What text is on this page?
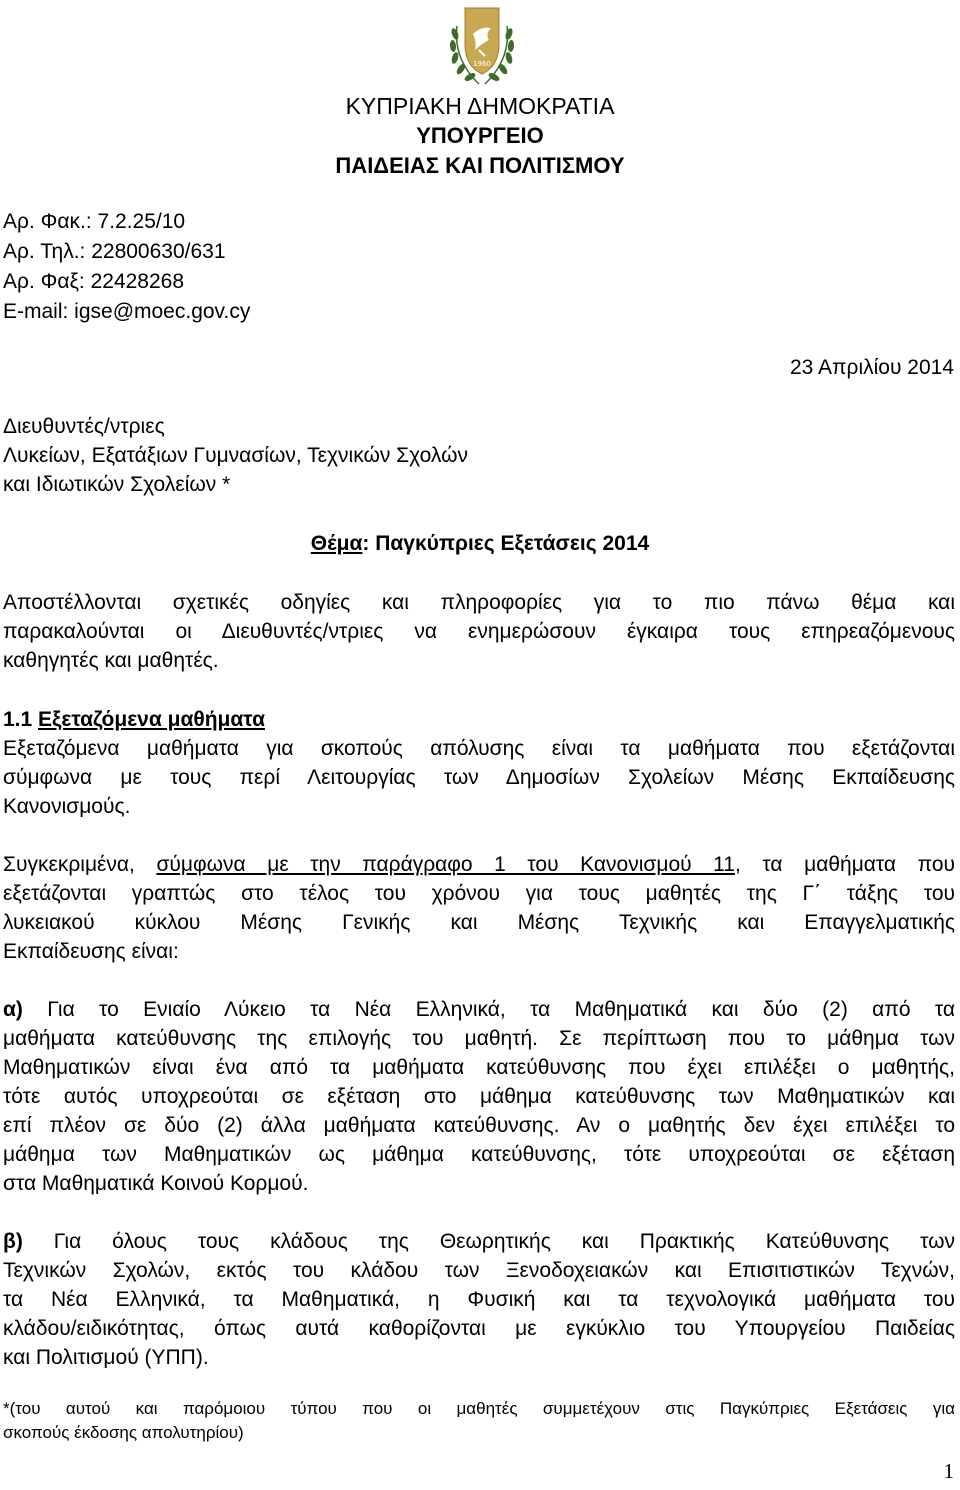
1960
ΚΥΠΡΙΑΚΗ ΔΗΜΟΚΡΑΤΙΑ
ΥΠΟΥΡΓΕΙΟ
ΠΑΙΔΕΙΑΣ ΚΑΙ ΠΟΛΙΤΙΣΜΟΥ
Αρ. Φακ.: 7.2.25/10
Αρ. Τηλ.: 22800630/631
Αρ. Φαξ: 22428268
E-mail: igse@moec.gov.cy
23 Απριλίου 2014
Διευθυντές/ντριες
Λυκείων, Εξατάξιων Γυμνασίων, Τεχνικών Σχολών
και Ιδιωτικών Σχολείων *
Θέμα: Παγκύπριες Εξετάσεις 2014
Αποστέλλονται σχετικές οδηγίες και πληροφορίες για το πιο πάνω θέμα και
παρακαλούνται οι Διευθυντές/ντριες να ενημερώσουν έγκαιρα τους επηρεαζόμενους
καθηγητές και μαθητές.
1.1 Εξεταζόμενα μαθήματα
Εξεταζόμενα μαθήματα για σκοπούς απόλυσης είναι τα μαθήματα που εξετάζονται
σύμφωνα με τους περί Λειτουργίας των Δημοσίων Σχολείων Μέσης Εκπαίδευσης
Κανονισμούς.
Συγκεκριμένα, σύμφωνα με την παράγραφο 1 του Κανονισμού 11, τα μαθήματα που
εξετάζονται γραπτώς στο τέλος του χρόνου για τους μαθητές της Γ΄ τάξης του
λυκειακού κύκλου Μέσης Γενικής και Μέσης Τεχνικής και Επαγγελματικής
Εκπαίδευσης είναι:
α) Για το Ενιαίο Λύκειο τα Νέα Ελληνικά, τα Μαθηματικά και δύο (2) από τα
μαθήματα κατεύθυνσης της επιλογής του μαθητή. Σε περίπτωση που το μάθημα των
Μαθηματικών είναι ένα από τα μαθήματα κατεύθυνσης που έχει επιλέξει ο μαθητής,
τότε αυτός υποχρεούται σε εξέταση στο μάθημα κατεύθυνσης των Μαθηματικών και
επί πλέον σε δύο (2) άλλα μαθήματα κατεύθυνσης. Αν ο μαθητής δεν έχει επιλέξει το
μάθημα των Μαθηματικών ως μάθημα κατεύθυνσης, τότε υποχρεούται σε εξέταση
στα Μαθηματικά Κοινού Κορμού.
β) Για όλους τους κλάδους της Θεωρητικής και Πρακτικής Κατεύθυνσης των
Τεχνικών Σχολών, εκτός του κλάδου των Ξενοδοχειακών και Επισιτιστικών Τεχνών,
τα Νέα Ελληνικά, τα Μαθηματικά, η Φυσική και τα τεχνολογικά μαθήματα του
κλάδου/ειδικότητας, όπως αυτά καθορίζονται με εγκύκλιο του Υπουργείου Παιδείας
και Πολιτισμού (ΥΠΠ).
*(του αυτού και παρόμοιου τύπου που οι μαθητές συμμετέχουν στις Παγκύπριες Εξετάσεις για
σκοπούς έκδοσης απολυτηρίου)
1
